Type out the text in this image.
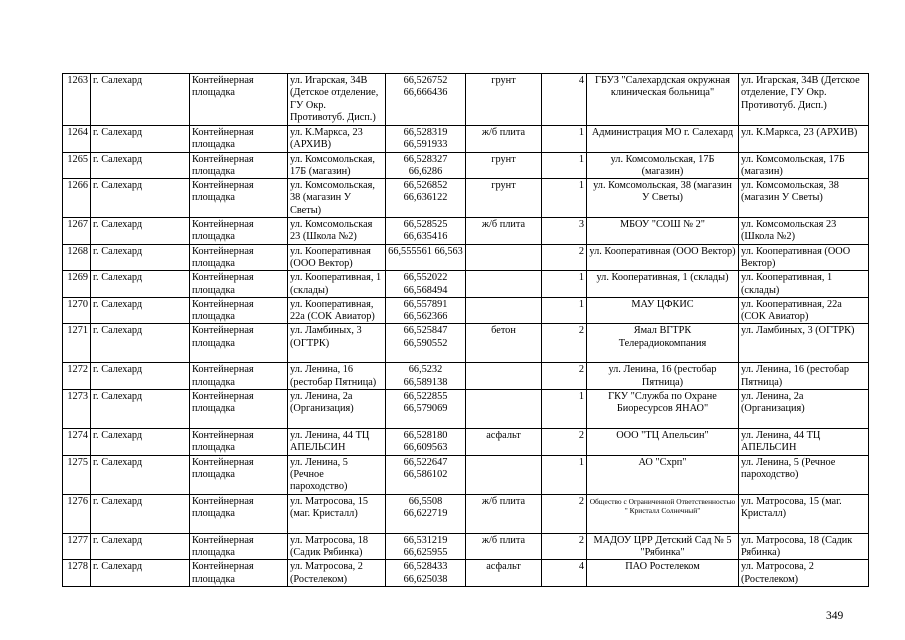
1263	г. Салехард	Контейнерная площадка	ул. Игарская, 34В (Детское отделение, ГУ Окр. Противотуб. Дисп.)	66,526752
66,666436	грунт	4	ГБУЗ "Салехардская окружная клиническая больница"	ул. Игарская, 34В (Детское отделение, ГУ Окр. Противотуб. Дисп.)
1264	г. Салехард	Контейнерная площадка	ул. К.Маркса, 23 (АРХИВ)	66,528319
66,591933	ж/б плита	1	Администрация МО г. Салехард	ул. К.Маркса, 23 (АРХИВ)
1265	г. Салехард	Контейнерная площадка	ул. Комсомольская, 17Б (магазин)	66,528327
66,6286	грунт	1	ул. Комсомольская, 17Б (магазин)	ул. Комсомольская, 17Б (магазин)
1266	г. Салехард	Контейнерная площадка	ул. Комсомольская, 38 (магазин У Светы)	66,526852
66,636122	грунт	1	ул. Комсомольская, 38 (магазин У Светы)	ул. Комсомольская, 38 (магазин У Светы)
1267	г. Салехард	Контейнерная площадка	ул. Комсомольская 23 (Школа №2)	66,528525
66,635416	ж/б плита	3	МБОУ "СОШ № 2"	ул. Комсомольская 23 (Школа №2)
1268	г. Салехард	Контейнерная площадка	ул. Кооперативная (ООО Вектор)	66,555561 66,563		2	ул. Кооперативная (ООО Вектор)	ул. Кооперативная (ООО Вектор)
1269	г. Салехард	Контейнерная площадка	ул. Кооперативная, 1 (склады)	66,552022
66,568494		1	ул. Кооперативная, 1 (склады)	ул. Кооперативная, 1 (склады)
1270	г. Салехард	Контейнерная площадка	ул. Кооперативная, 22а (СОК Авиатор)	66,557891
66,562366		1	МАУ ЦФКИС	ул. Кооперативная, 22а (СОК Авиатор)
1271	г. Салехард	Контейнерная площадка	ул. Ламбиных, 3 (ОГТРК)	66,525847
66,590552	бетон	2	Ямал ВГТРК Телерадиокомпания	ул. Ламбиных, 3 (ОГТРК)
1272	г. Салехард	Контейнерная площадка	ул. Ленина, 16 (рестобар Пятница)	66,5232
66,589138		2	ул. Ленина, 16 (рестобар Пятница)	ул. Ленина, 16 (рестобар Пятница)
1273	г. Салехард	Контейнерная площадка	ул. Ленина, 2а (Организация)	66,522855
66,579069		1	ГКУ "Служба по Охране Биоресурсов ЯНАО"	ул. Ленина, 2а (Организация)
1274	г. Салехард	Контейнерная площадка	ул. Ленина, 44 ТЦ АПЕЛЬСИН	66,528180
66,609563	асфальт	2	ООО "ТЦ Апельсин"	ул. Ленина, 44 ТЦ АПЕЛЬСИН
1275	г. Салехард	Контейнерная площадка	ул. Ленина, 5 (Речное пароходство)	66,522647
66,586102		1	АО "Сxрп"	ул. Ленина, 5 (Речное пароходство)
1276	г. Салехард	Контейнерная площадка	ул. Матросова, 15 (маг. Кристалл)	66,5508
66,622719	ж/б плита	2	Общество с Ограниченной Ответственностью " Кристалл Солнечный"	ул. Матросова, 15 (маг. Кристалл)
1277	г. Салехард	Контейнерная площадка	ул. Матросова, 18 (Садик Рябинка)	66,531219
66,625955	ж/б плита	2	МАДОУ ЦРР Детский Сад № 5 "Рябинка"	ул. Матросова, 18 (Садик Рябинка)
1278	г. Салехард	Контейнерная площадка	ул. Матросова, 2 (Ростелеком)	66,528433
66,625038	асфальт	4	ПАО Ростелеком	ул. Матросова, 2 (Ростелеком)
349
